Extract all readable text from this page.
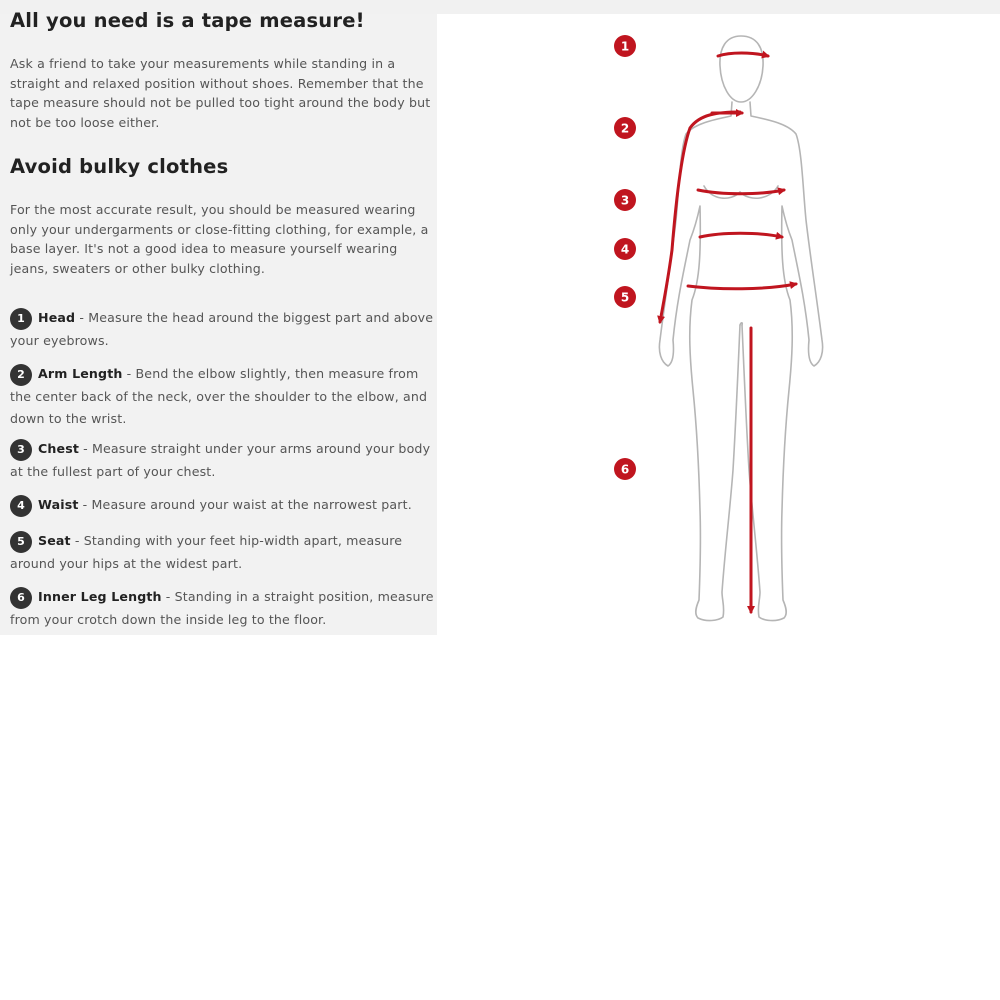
All you need is a tape measure!

Ask a friend to take your measurements while standing in a straight and relaxed position without shoes. Remember that the tape measure should not be pulled too tight around the body but not be too loose either.

Avoid bulky clothes

For the most accurate result, you should be measured wearing only your undergarments or close-fitting clothing, for example, a base layer. It's not a good idea to measure yourself wearing jeans, sweaters or other bulky clothing.

1 Head - Measure the head around the biggest part and above your eyebrows.
2 Arm Length - Bend the elbow slightly, then measure from the center back of the neck, over the shoulder to the elbow, and down to the wrist.
3 Chest - Measure straight under your arms around your body at the fullest part of your chest.
4 Waist - Measure around your waist at the narrowest part.
5 Seat - Standing with your feet hip-width apart, measure around your hips at the widest part.
6 Inner Leg Length - Standing in a straight position, measure from your crotch down the inside leg to the floor.
1
2
3
4
5
6
